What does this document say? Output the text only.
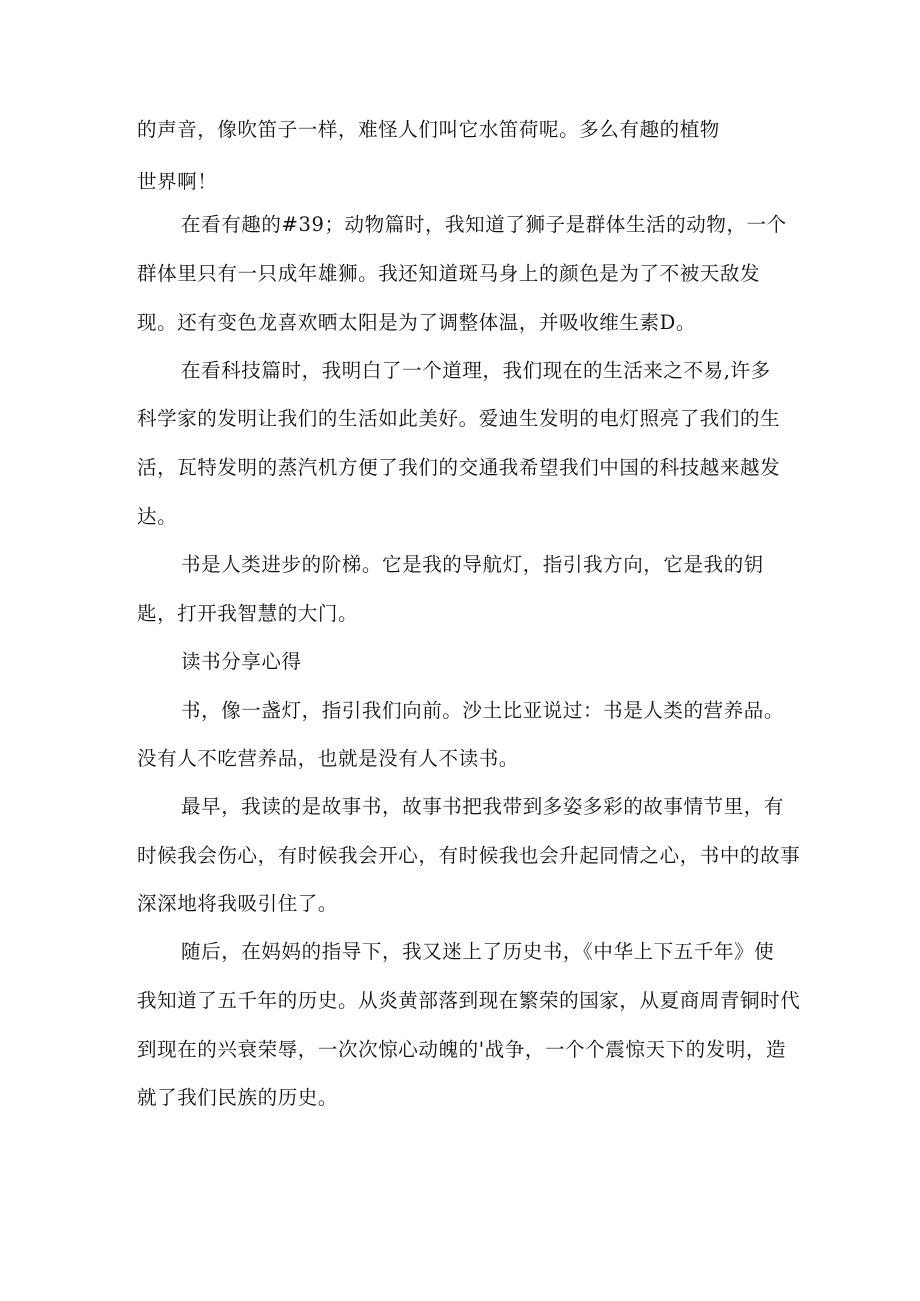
的声音，像吹笛子一样，难怪人们叫它水笛荷呢。多么有趣的植物
世界啊！
在看有趣的#39；动物篇时，我知道了狮子是群体生活的动物，一个
群体里只有一只成年雄狮。我还知道斑马身上的颜色是为了不被天敌发
现。还有变色龙喜欢晒太阳是为了调整体温，并吸收维生素D。
在看科技篇时，我明白了一个道理，我们现在的生活来之不易,许多
科学家的发明让我们的生活如此美好。爱迪生发明的电灯照亮了我们的生
活，瓦特发明的蒸汽机方便了我们的交通我希望我们中国的科技越来越发
达。
书是人类进步的阶梯。它是我的导航灯，指引我方向，它是我的钥
匙，打开我智慧的大门。
读书分享心得
书，像一盏灯，指引我们向前。沙土比亚说过：书是人类的营养品。
没有人不吃营养品，也就是没有人不读书。
最早，我读的是故事书，故事书把我带到多姿多彩的故事情节里，有
时候我会伤心，有时候我会开心，有时候我也会升起同情之心，书中的故事
深深地将我吸引住了。
随后，在妈妈的指导下，我又迷上了历史书，《中华上下五千年》使
我知道了五千年的历史。从炎黄部落到现在繁荣的国家，从夏商周青铜时代
到现在的兴衰荣辱，一次次惊心动魄的'战争，一个个震惊天下的发明，造
就了我们民族的历史。
